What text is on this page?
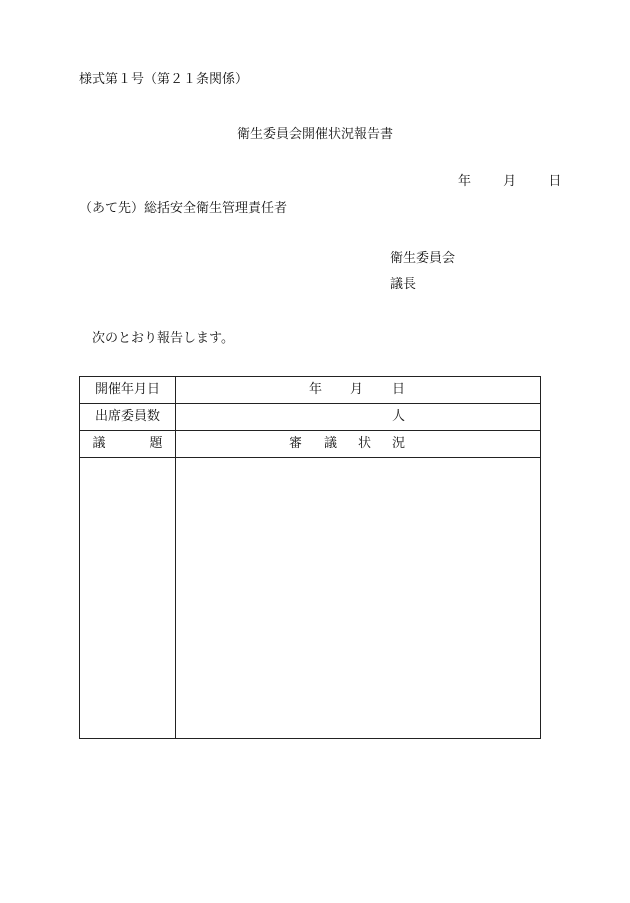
様式第１号（第２１条関係）
衛生委員会開催状況報告書
年 月 日
（あて先）総括安全衛生管理責任者
衛生委員会
議長
次のとおり報告します。
開催年月日	年 月 日

出席委員数	人

議 題	審 議 状 況
